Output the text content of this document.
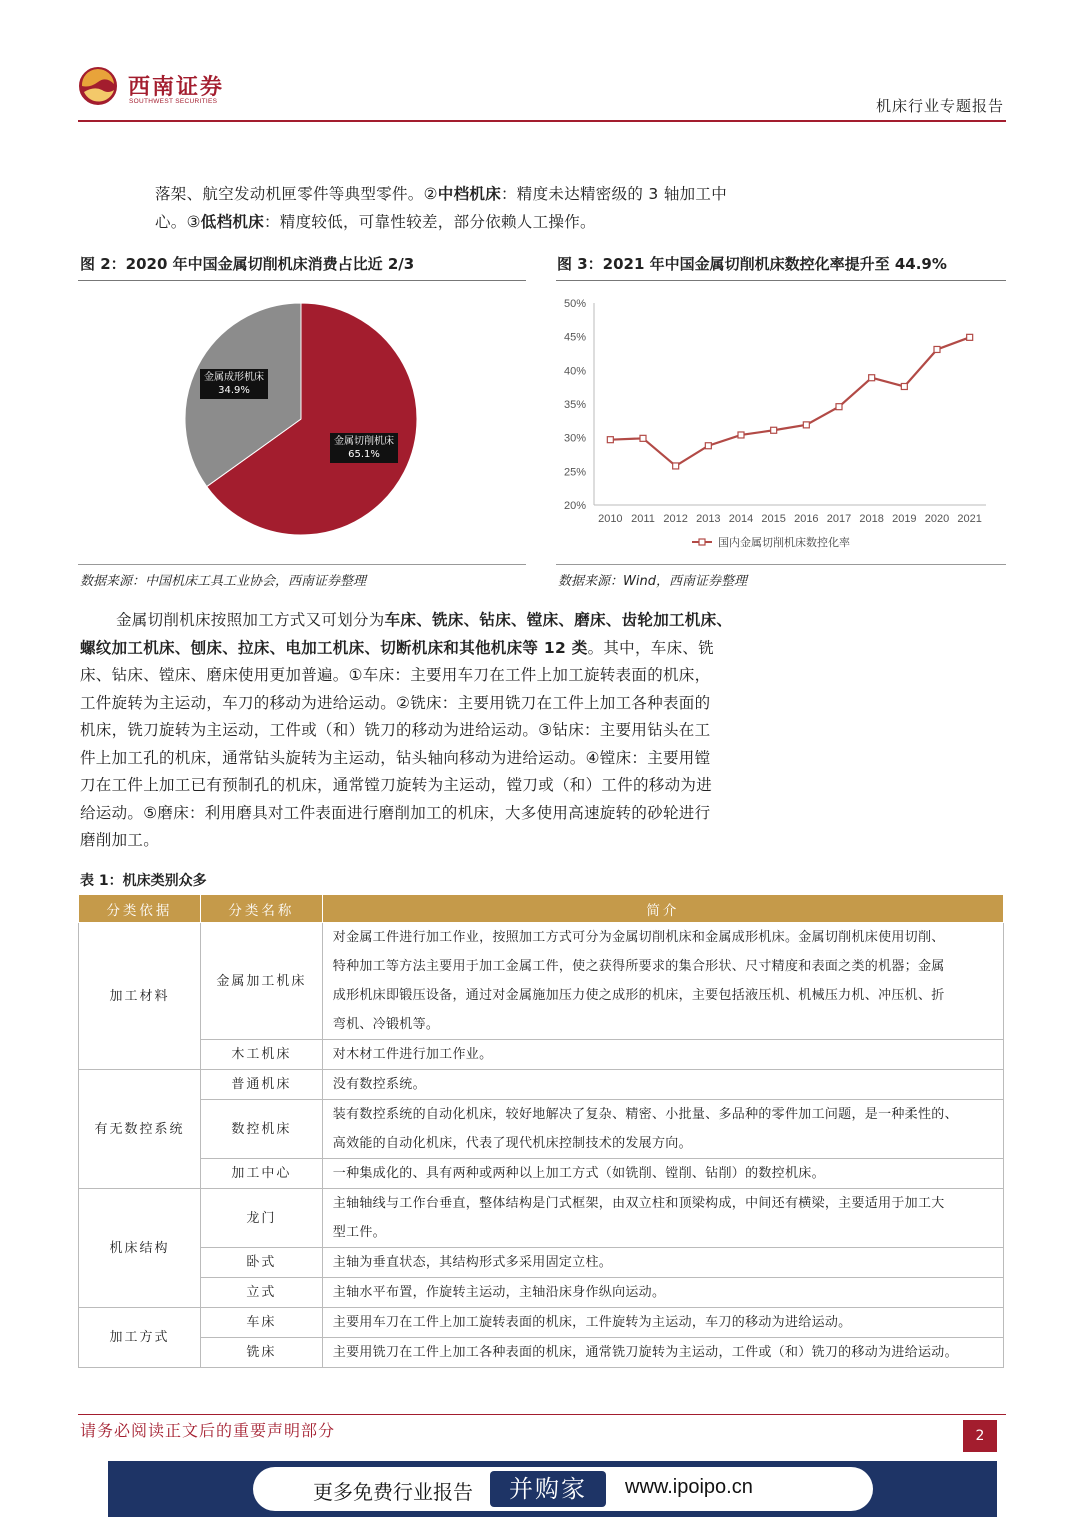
西南证券
SOUTHWEST SECURITIES	机床行业专题报告
落架、航空发动机匣零件等典型零件。②中档机床：精度未达精密级的 3 轴加工中
心。③低档机床：精度较低，可靠性较差，部分依赖人工操作。
图 2：2020 年中国金属切削机床消费占比近 2/3
金属成形机床
34.9%
金属切削机床
65.1%
数据来源：中国机床工具工业协会，西南证券整理
图 3：2021 年中国金属切削机床数控化率提升至 44.9%
20%
25%
30%
35%
40%
45%
50%
2010 2011 2012 2013 2014 2015 2016 2017 2018 2019 2020 2021
国内金属切削机床数控化率
数据来源：Wind，西南证券整理
金属切削机床按照加工方式又可划分为车床、铣床、钻床、镗床、磨床、齿轮加工机床、
螺纹加工机床、刨床、拉床、电加工机床、切断机床和其他机床等 12 类。其中，车床、铣
床、钻床、镗床、磨床使用更加普遍。①车床：主要用车刀在工件上加工旋转表面的机床，
工件旋转为主运动，车刀的移动为进给运动。②铣床：主要用铣刀在工件上加工各种表面的
机床，铣刀旋转为主运动，工件或（和）铣刀的移动为进给运动。③钻床：主要用钻头在工
件上加工孔的机床，通常钻头旋转为主运动，钻头轴向移动为进给运动。④镗床：主要用镗
刀在工件上加工已有预制孔的机床，通常镗刀旋转为主运动，镗刀或（和）工件的移动为进
给运动。⑤磨床：利用磨具对工件表面进行磨削加工的机床，大多使用高速旋转的砂轮进行
磨削加工。
表 1：机床类别众多
分类依据	分类名称	简介
加工材料	金属加工机床	对金属工件进行加工作业，按照加工方式可分为金属切削机床和金属成形机床。金属切削机床使用切削、
特种加工等方法主要用于加工金属工件，使之获得所要求的集合形状、尺寸精度和表面之类的机器；金属
成形机床即锻压设备，通过对金属施加压力使之成形的机床，主要包括液压机、机械压力机、冲压机、折
弯机、冷锻机等。

	木工机床	对木材工件进行加工作业。

有无数控系统	普通机床	没有数控系统。

	数控机床	装有数控系统的自动化机床，较好地解决了复杂、精密、小批量、多品种的零件加工问题，是一种柔性的、
高效能的自动化机床，代表了现代机床控制技术的发展方向。

	加工中心	一种集成化的、具有两种或两种以上加工方式（如铣削、镗削、钻削）的数控机床。

机床结构	龙门	主轴轴线与工作台垂直，整体结构是门式框架，由双立柱和顶梁构成，中间还有横梁，主要适用于加工大
型工件。

	卧式	主轴为垂直状态，其结构形式多采用固定立柱。

	立式	主轴水平布置，作旋转主运动，主轴沿床身作纵向运动。

加工方式	车床	主要用车刀在工件上加工旋转表面的机床，工件旋转为主运动，车刀的移动为进给运动。

	铣床	主要用铣刀在工件上加工各种表面的机床，通常铣刀旋转为主运动，工件或（和）铣刀的移动为进给运动。
请务必阅读正文后的重要声明部分	2
更多免费行业报告	并购家	www.ipoipo.cn
